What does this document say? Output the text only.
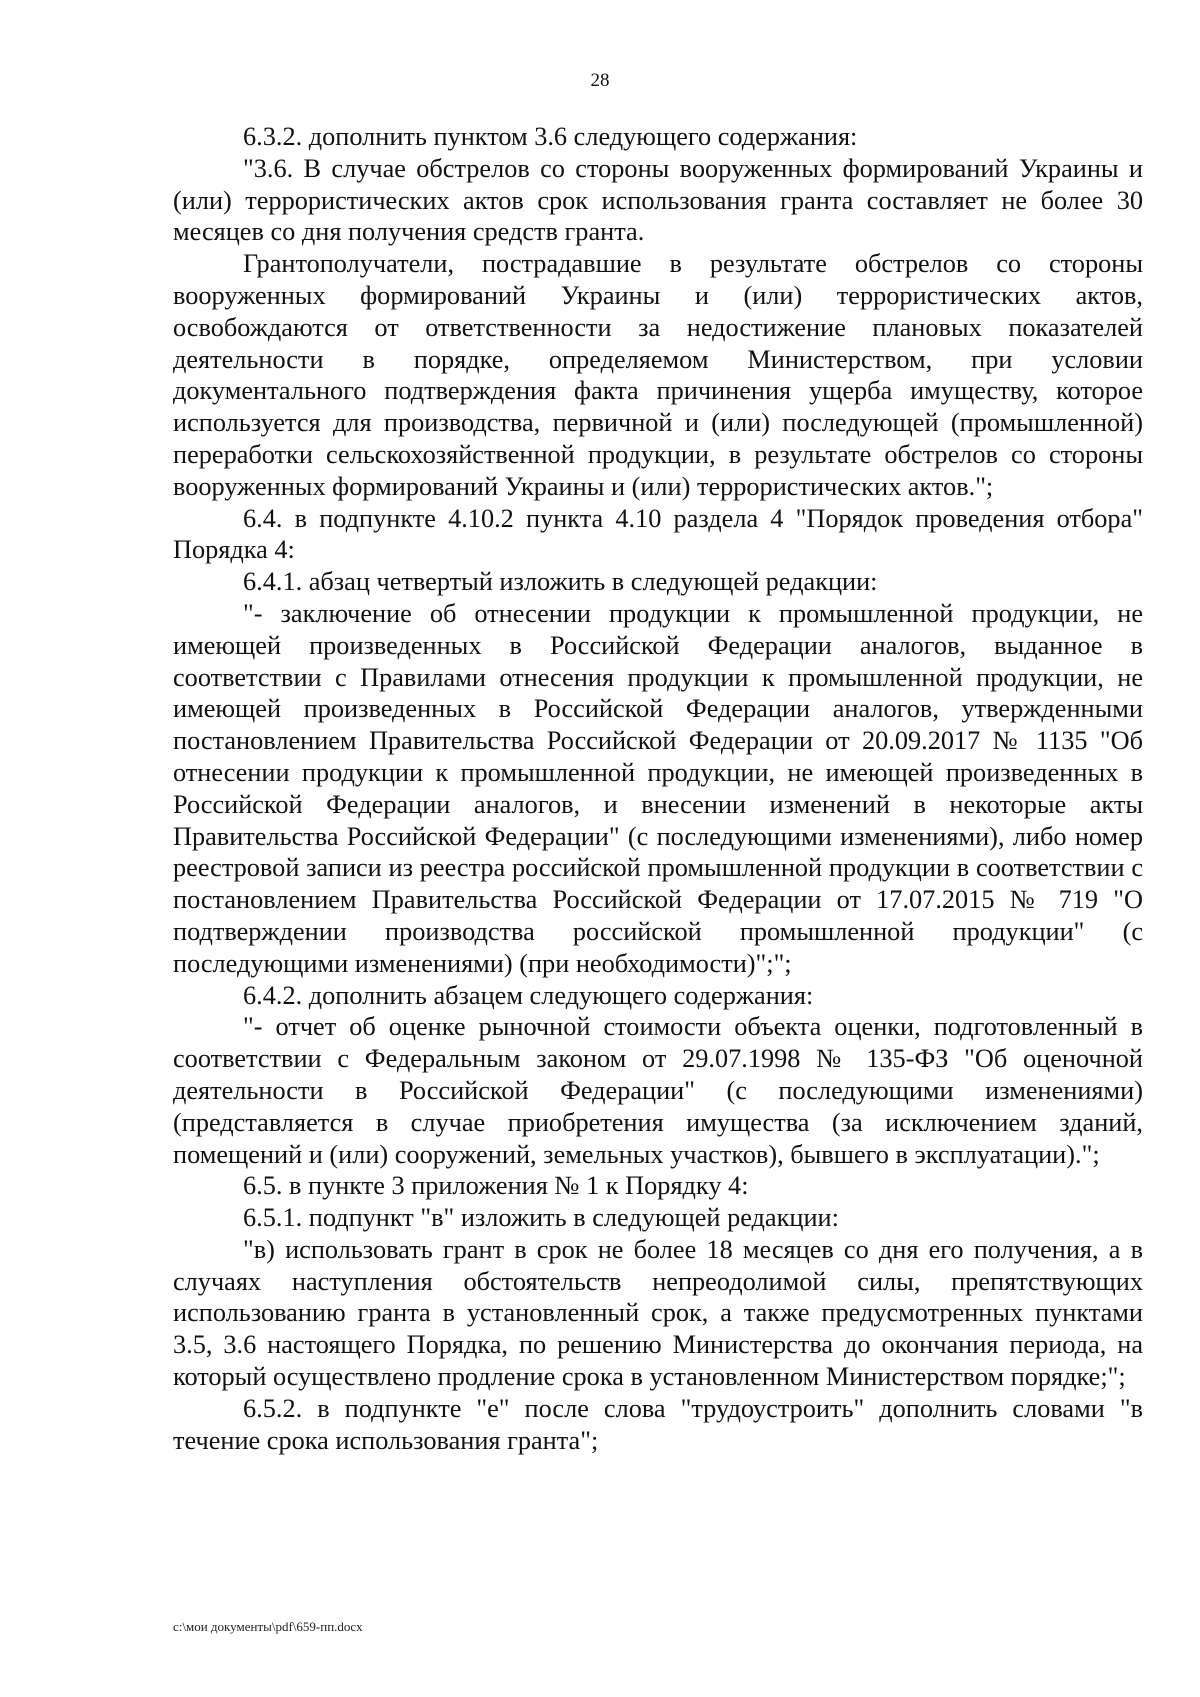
28

6.3.2. дополнить пунктом 3.6 следующего содержания:

"3.6. В случае обстрелов со стороны вооруженных формирований Украины и (или) террористических актов срок использования гранта составляет не более 30 месяцев со дня получения средств гранта.

Грантополучатели, пострадавшие в результате обстрелов со стороны вооруженных формирований Украины и (или) террористических актов, освобождаются от ответственности за недостижение плановых показателей деятельности в порядке, определяемом Министерством, при условии документального подтверждения факта причинения ущерба имуществу, которое используется для производства, первичной и (или) последующей (промышленной) переработки сельскохозяйственной продукции, в результате обстрелов со стороны вооруженных формирований Украины и (или) террористических актов.";

6.4. в подпункте 4.10.2 пункта 4.10 раздела 4 "Порядок проведения отбора" Порядка 4:

6.4.1. абзац четвертый изложить в следующей редакции:

"- заключение об отнесении продукции к промышленной продукции, не имеющей произведенных в Российской Федерации аналогов, выданное в соответствии с Правилами отнесения продукции к промышленной продукции, не имеющей произведенных в Российской Федерации аналогов, утвержденными постановлением Правительства Российской Федерации от 20.09.2017 № 1135 "Об отнесении продукции к промышленной продукции, не имеющей произведенных в Российской Федерации аналогов, и внесении изменений в некоторые акты Правительства Российской Федерации" (с последующими изменениями), либо номер реестровой записи из реестра российской промышленной продукции в соответствии с постановлением Правительства Российской Федерации от 17.07.2015 № 719 "О подтверждении производства российской промышленной продукции" (с последующими изменениями) (при необходимости)";";

6.4.2. дополнить абзацем следующего содержания:

"- отчет об оценке рыночной стоимости объекта оценки, подготовленный в соответствии с Федеральным законом от 29.07.1998 № 135-ФЗ "Об оценочной деятельности в Российской Федерации" (с последующими изменениями) (представляется в случае приобретения имущества (за исключением зданий, помещений и (или) сооружений, земельных участков), бывшего в эксплуатации).";

6.5. в пункте 3 приложения № 1 к Порядку 4:

6.5.1. подпункт "в" изложить в следующей редакции:

"в) использовать грант в срок не более 18 месяцев со дня его получения, а в случаях наступления обстоятельств непреодолимой силы, препятствующих использованию гранта в установленный срок, а также предусмотренных пунктами 3.5, 3.6 настоящего Порядка, по решению Министерства до окончания периода, на который осуществлено продление срока в установленном Министерством порядке;";

6.5.2. в подпункте "е" после слова "трудоустроить" дополнить словами "в течение срока использования гранта";

c:\мои документы\pdf\659-пп.docx
